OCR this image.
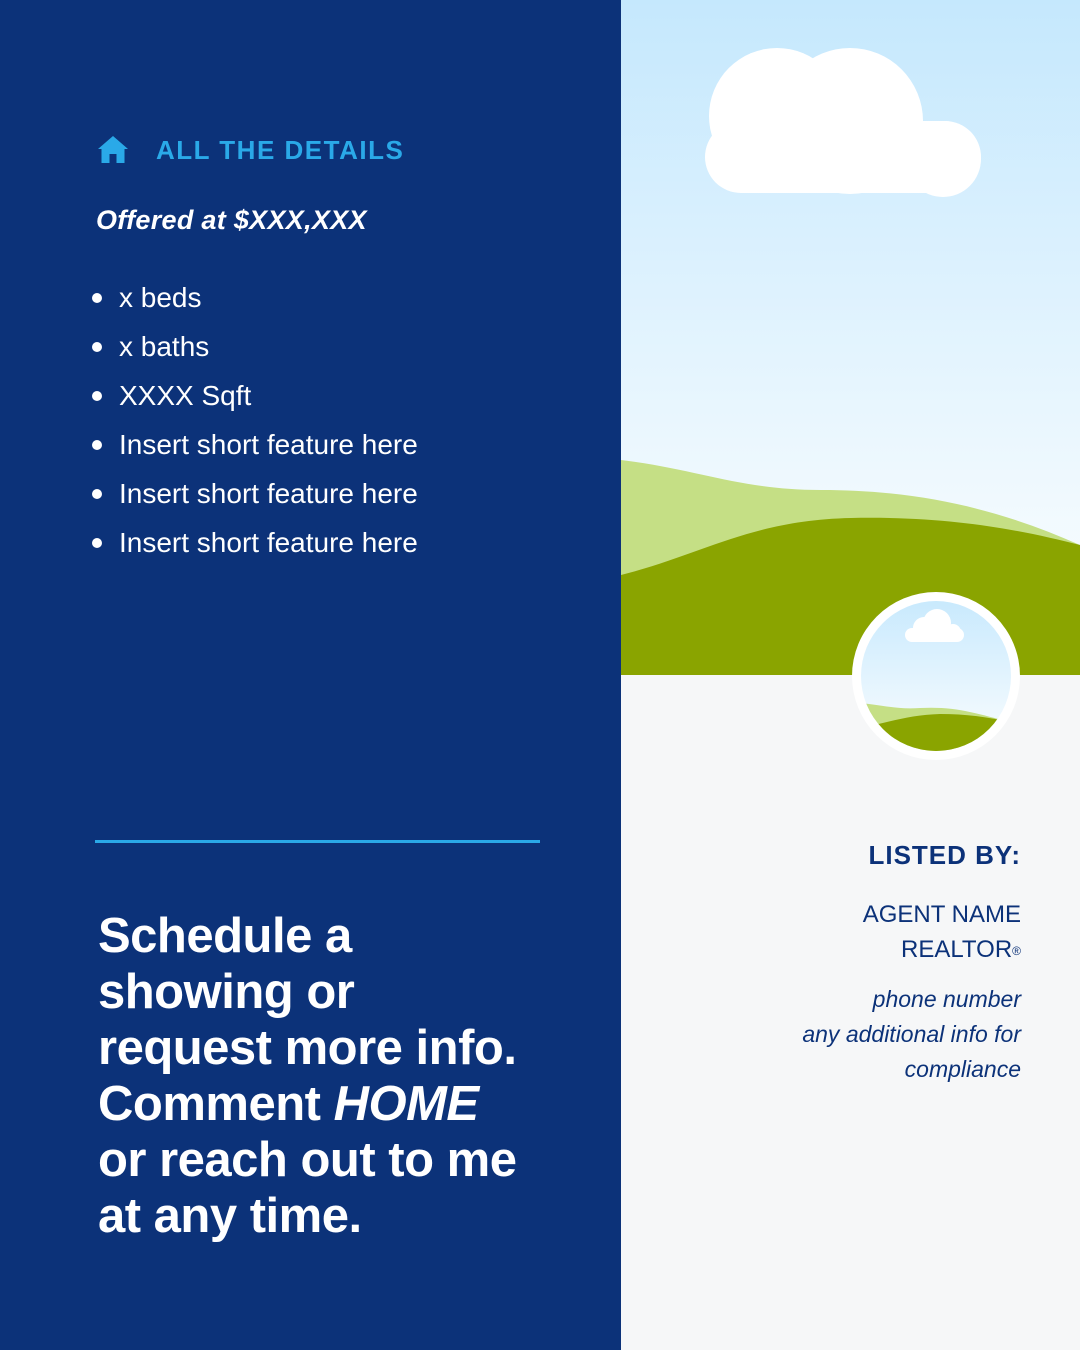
ALL THE DETAILS
Offered at $XXX,XXX
x beds
x baths
XXXX Sqft
Insert short feature here
Insert short feature here
Insert short feature here

Schedule a
showing or
request more info.
Comment HOME
or reach out to me
at any time.

LISTED BY:
AGENT NAME
REALTOR®
phone number
any additional info for
compliance
